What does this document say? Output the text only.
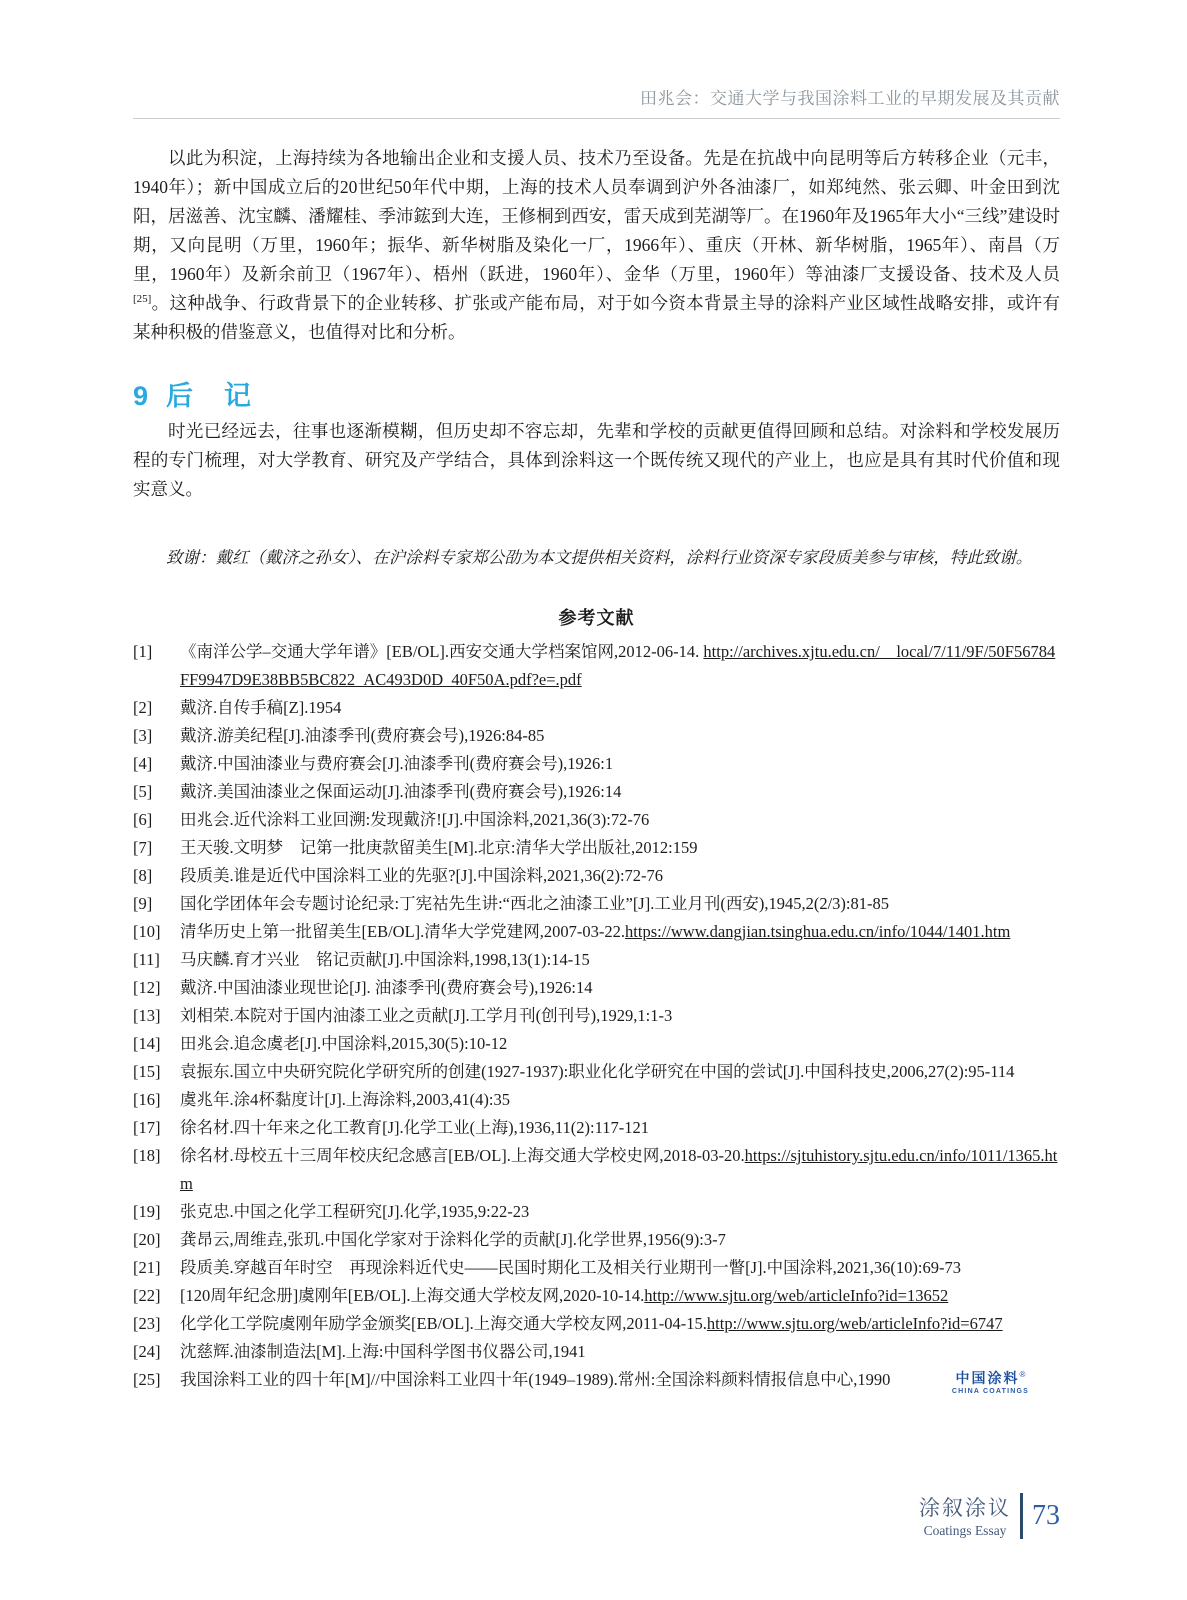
田兆会：交通大学与我国涂料工业的早期发展及其贡献

以此为积淀，上海持续为各地输出企业和支援人员、技术乃至设备。先是在抗战中向昆明等后方转移企业（元丰，1940年）；新中国成立后的20世纪50年代中期，上海的技术人员奉调到沪外各油漆厂，如郑纯然、张云卿、叶金田到沈阳，居滋善、沈宝麟、潘耀桂、季沛鋐到大连，王修桐到西安，雷天成到芜湖等厂。在1960年及1965年大小“三线”建设时期，又向昆明（万里，1960年；振华、新华树脂及染化一厂，1966年）、重庆（开林、新华树脂，1965年）、南昌（万里，1960年）及新余前卫（1967年）、梧州（跃进，1960年）、金华（万里，1960年）等油漆厂支援设备、技术及人员[25]。这种战争、行政背景下的企业转移、扩张或产能布局，对于如今资本背景主导的涂料产业区域性战略安排，或许有某种积极的借鉴意义，也值得对比和分析。

9 后　记

时光已经远去，往事也逐渐模糊，但历史却不容忘却，先辈和学校的贡献更值得回顾和总结。对涂料和学校发展历程的专门梳理，对大学教育、研究及产学结合，具体到涂料这一个既传统又现代的产业上，也应是具有其时代价值和现实意义。

致谢：戴红（戴济之孙女）、在沪涂料专家郑公劭为本文提供相关资料，涂料行业资深专家段质美参与审核，特此致谢。

参考文献
[1] 《南洋公学–交通大学年谱》[EB/OL].西安交通大学档案馆网,2012-06-14. http://archives.xjtu.edu.cn/__local/7/11/9F/50F56784FF9947D9E38BB5BC822_AC493D0D_40F50A.pdf?e=.pdf
[2] 戴济.自传手稿[Z].1954
[3] 戴济.游美纪程[J].油漆季刊(费府赛会号),1926:84-85
[4] 戴济.中国油漆业与费府赛会[J].油漆季刊(费府赛会号),1926:1
[5] 戴济.美国油漆业之保面运动[J].油漆季刊(费府赛会号),1926:14
[6] 田兆会.近代涂料工业回溯:发现戴济![J].中国涂料,2021,36(3):72-76
[7] 王天骏.文明梦　记第一批庚款留美生[M].北京:清华大学出版社,2012:159
[8] 段质美.谁是近代中国涂料工业的先驱?[J].中国涂料,2021,36(2):72-76
[9] 国化学团体年会专题讨论纪录:丁宪祜先生讲:“西北之油漆工业”[J].工业月刊(西安),1945,2(2/3):81-85
[10] 清华历史上第一批留美生[EB/OL].清华大学党建网,2007-03-22.https://www.dangjian.tsinghua.edu.cn/info/1044/1401.htm
[11] 马庆麟.育才兴业　铭记贡献[J].中国涂料,1998,13(1):14-15
[12] 戴济.中国油漆业现世论[J]. 油漆季刊(费府赛会号),1926:14
[13] 刘相荣.本院对于国内油漆工业之贡献[J].工学月刊(创刊号),1929,1:1-3
[14] 田兆会.追念虞老[J].中国涂料,2015,30(5):10-12
[15] 袁振东.国立中央研究院化学研究所的创建(1927-1937):职业化化学研究在中国的尝试[J].中国科技史,2006,27(2):95-114
[16] 虞兆年.涂4杯黏度计[J].上海涂料,2003,41(4):35
[17] 徐名材.四十年来之化工教育[J].化学工业(上海),1936,11(2):117-121
[18] 徐名材.母校五十三周年校庆纪念感言[EB/OL].上海交通大学校史网,2018-03-20.https://sjtuhistory.sjtu.edu.cn/info/1011/1365.htm
[19] 张克忠.中国之化学工程研究[J].化学,1935,9:22-23
[20] 龚昂云,周维垚,张玑.中国化学家对于涂料化学的贡献[J].化学世界,1956(9):3-7
[21] 段质美.穿越百年时空　再现涂料近代史——民国时期化工及相关行业期刊一瞥[J].中国涂料,2021,36(10):69-73
[22] [120周年纪念册]虞刚年[EB/OL].上海交通大学校友网,2020-10-14.http://www.sjtu.org/web/articleInfo?id=13652
[23] 化学化工学院虞刚年励学金颁奖[EB/OL].上海交通大学校友网,2011-04-15.http://www.sjtu.org/web/articleInfo?id=6747
[24] 沈慈辉.油漆制造法[M].上海:中国科学图书仪器公司,1941
[25] 我国涂料工业的四十年[M]//中国涂料工业四十年(1949–1989).常州:全国涂料颜料情报信息中心,1990	中国涂料®
CHINA COATINGS
涂叙涂议
Coatings Essay 73
